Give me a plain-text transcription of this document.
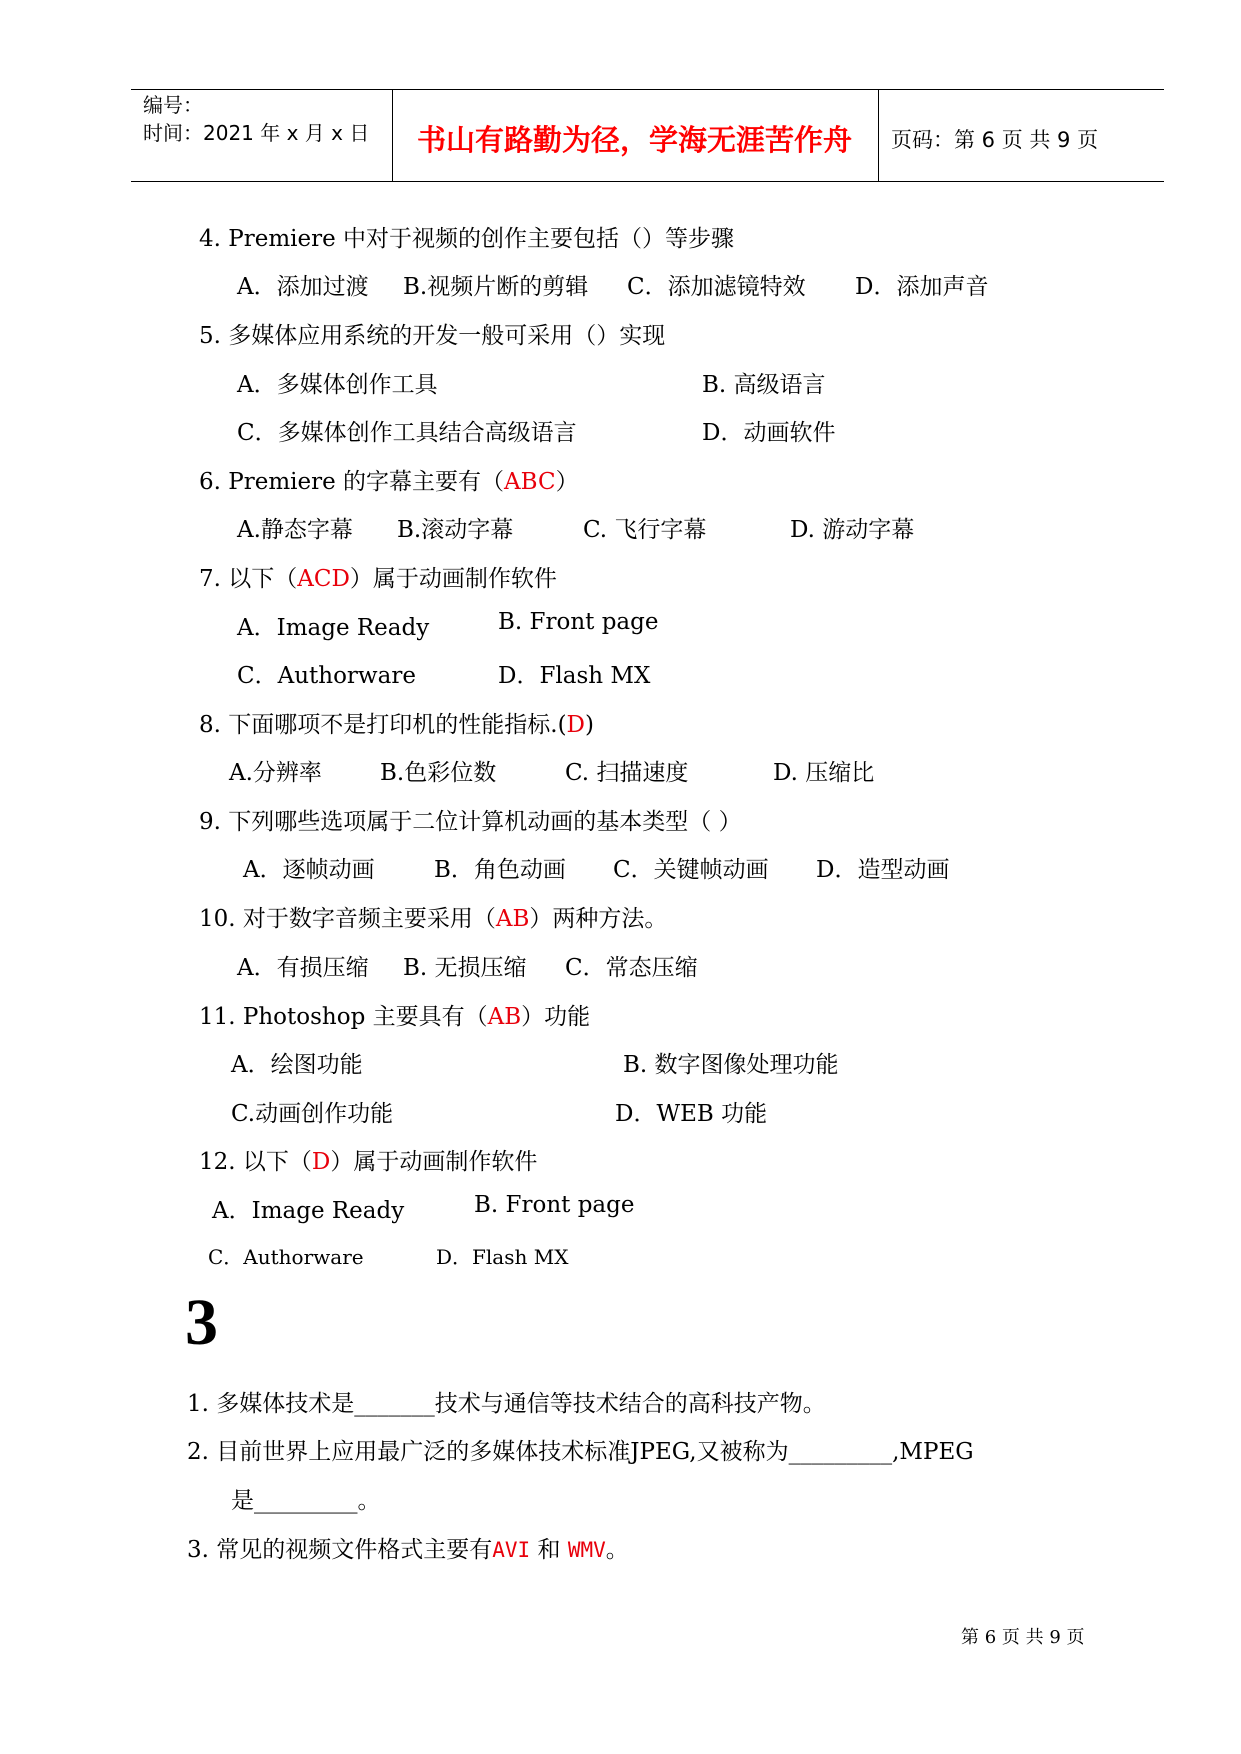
编号：
时间：2021 年 x 月 x 日 书山有路勤为径，学海无涯苦作舟 页码：第 6 页 共 9 页
4. Premiere 中对于视频的创作主要包括（）等步骤
A．添加过渡 B.视频片断的剪辑 C．添加滤镜特效 D．添加声音
5. 多媒体应用系统的开发一般可采用（）实现
A．多媒体创作工具	B. 高级语言
C．多媒体创作工具结合高级语言	D．动画软件
6. Premiere 的字幕主要有（ABC）
A.静态字幕 B.滚动字幕	C. 飞行字幕	D. 游动字幕
7. 以下（ACD）属于动画制作软件
A．Image Ready	B. Front page
C．Authorware	D．Flash MX
8. 下面哪项不是打印机的性能指标.(D)
A.分辨率	B.色彩位数	C. 扫描速度	D. 压缩比
9. 下列哪些选项属于二位计算机动画的基本类型（ ）
A．逐帧动画	B．角色动画 C．关键帧动画 D．造型动画
10. 对于数字音频主要采用（AB）两种方法。
A．有损压缩 B. 无损压缩 C．常态压缩
11. Photoshop 主要具有（AB）功能
A．绘图功能	B. 数字图像处理功能
C.动画创作功能	D．WEB 功能
12. 以下（D）属于动画制作软件
A．Image Ready	B. Front page
C．Authorware	D．Flash MX
3
1. 多媒体技术是_______技术与通信等技术结合的高科技产物。
2. 目前世界上应用最广泛的多媒体技术标准JPEG,又被称为_________,MPEG
是_________。
3. 常见的视频文件格式主要有AVI 和 WMV。
第 6 页 共 9 页
